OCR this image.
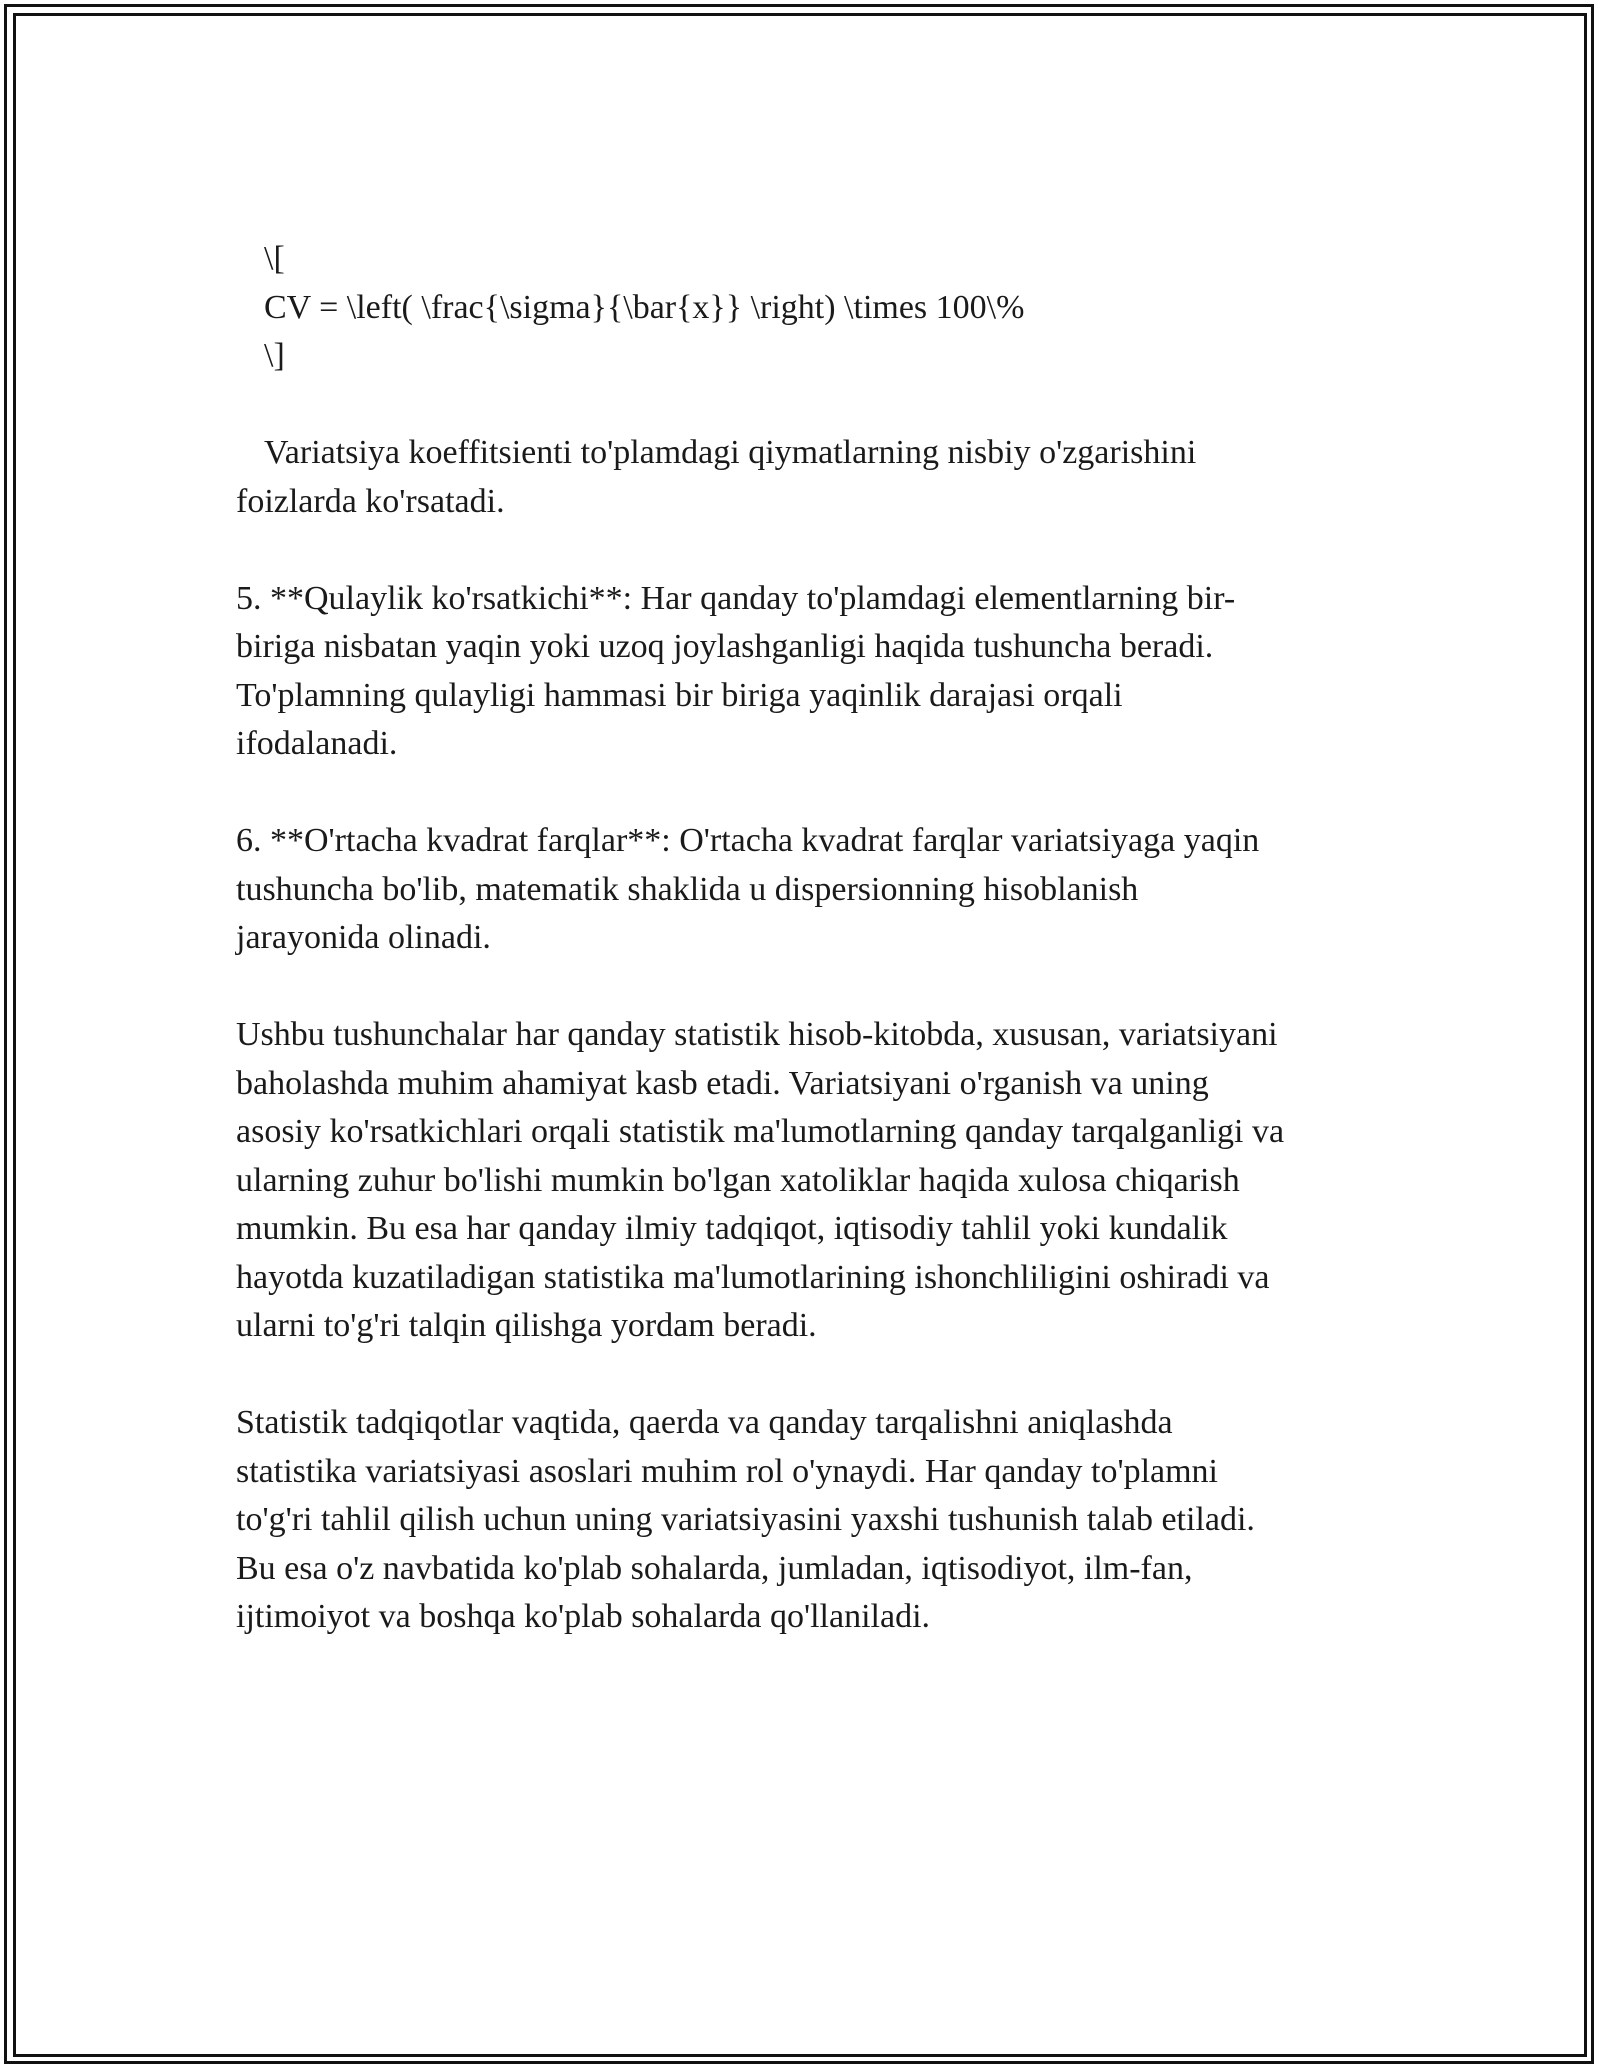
\[
CV = \left( \frac{\sigma}{\bar{x}} \right) \times 100\%
\]
Variatsiya koeffitsienti to'plamdagi qiymatlarning nisbiy o'zgarishini
foizlarda ko'rsatadi.
5. **Qulaylik ko'rsatkichi**: Har qanday to'plamdagi elementlarning bir-
biriga nisbatan yaqin yoki uzoq joylashganligi haqida tushuncha beradi.
To'plamning qulayligi hammasi bir biriga yaqinlik darajasi orqali
ifodalanadi.
6. **O'rtacha kvadrat farqlar**: O'rtacha kvadrat farqlar variatsiyaga yaqin
tushuncha bo'lib, matematik shaklida u dispersionning hisoblanish
jarayonida olinadi.
Ushbu tushunchalar har qanday statistik hisob-kitobda, xususan, variatsiyani
baholashda muhim ahamiyat kasb etadi. Variatsiyani o'rganish va uning
asosiy ko'rsatkichlari orqali statistik ma'lumotlarning qanday tarqalganligi va
ularning zuhur bo'lishi mumkin bo'lgan xatoliklar haqida xulosa chiqarish
mumkin. Bu esa har qanday ilmiy tadqiqot, iqtisodiy tahlil yoki kundalik
hayotda kuzatiladigan statistika ma'lumotlarining ishonchliligini oshiradi va
ularni to'g'ri talqin qilishga yordam beradi.
Statistik tadqiqotlar vaqtida, qaerda va qanday tarqalishni aniqlashda
statistika variatsiyasi asoslari muhim rol o'ynaydi. Har qanday to'plamni
to'g'ri tahlil qilish uchun uning variatsiyasini yaxshi tushunish talab etiladi.
Bu esa o'z navbatida ko'plab sohalarda, jumladan, iqtisodiyot, ilm-fan,
ijtimoiyot va boshqa ko'plab sohalarda qo'llaniladi.
